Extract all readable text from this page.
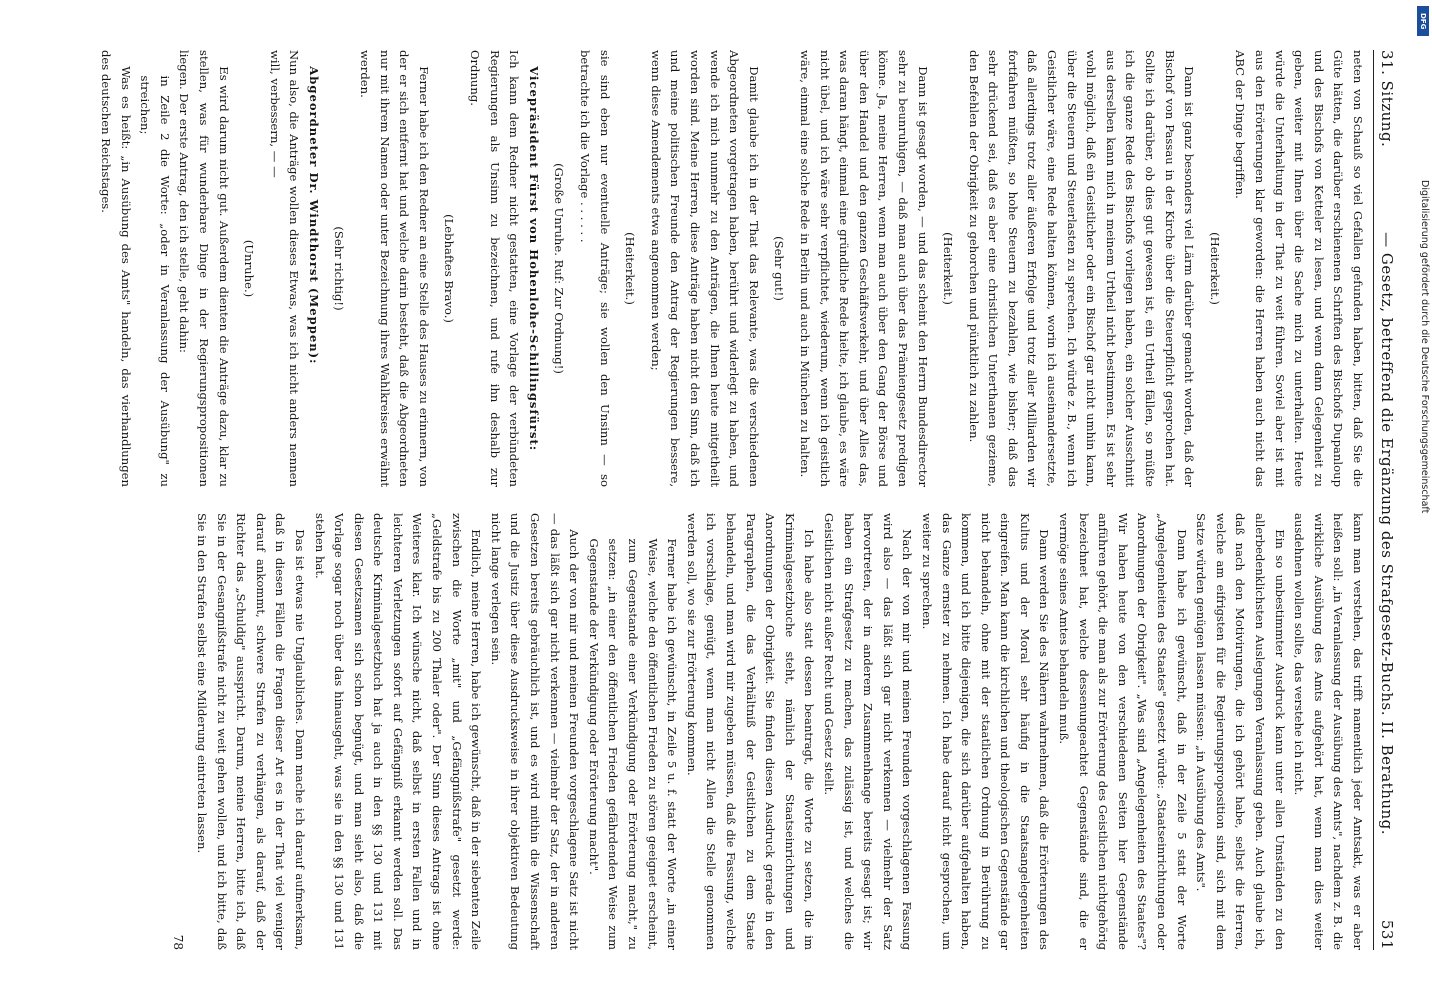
31. Sitzung.
— Gesetz, betreffend die Ergänzung des Strafgesetz-Buchs. II. Berathung.
531

neten von Schauß so viel Gefallen gefunden haben, bitten, daß Sie die Güte hätten, die darüber erschienenen Schriften des Bischofs Dupanloup und des Bischofs von Ketteler zu lesen, und wenn dann Gelegenheit zu geben, weiter mit Ihnen über die Sache mich zu unterhalten. Heute würde die Unterhaltung in der That zu weit führen. Soviel aber ist mit aus den Erörterungen klar geworden: die Herren haben auch nicht das ABC der Dinge begriffen.

(Heiterkeit.)

Dann ist ganz besonders viel Lärm darüber gemacht worden, daß der Bischof von Passau in der Kirche über die Steuerpflicht gesprochen hat. Sollte ich darüber, ob dies gut gewesen ist, ein Urtheil fällen, so müßte ich die ganze Rede des Bischofs vorliegen haben, ein solcher Ausschnitt aus derselben kann mich in meinem Urtheil nicht bestimmen. Es ist sehr wohl möglich, daß ein Geistlicher oder ein Bischof gar nicht umhin kann, über die Steuern und Steuerlasten zu sprechen. Ich würde z. B., wenn ich Geistlicher wäre, eine Rede halten können, worin ich auseinandersetzte, daß allerdings trotz aller äußeren Erfolge und trotz aller Milliarden wir fortfahren müßten, so hohe Steuern zu bezahlen, wie bisher; daß das sehr drückend sei, daß es aber eine christlichen Unterthanen gezieme, den Befehlen der Obrigkeit zu gehorchen und pünktlich zu zahlen.

(Heiterkeit.)

Dann ist gesagt worden, — und das scheint den Herrn Bundesdirector sehr zu beunruhigen, — daß man auch über das Prämiengesetz predigen könne. Ja, meine Herren, wenn man auch über den Gang der Börse und über den Handel und den ganzen Geschäftsverkehr, und über Alles das, was daran hängt, einmal eine gründliche Rede hielte, ich glaube, es wäre nicht übel, und ich wäre sehr verpflichtet, wiederum, wenn ich geistlich wäre, einmal eine solche Rede in Berlin und auch in München zu halten.

(Sehr gut!)

Damit glaube ich in der That das Relevante, was die verschiedenen Abgeordneten vorgetragen haben, berührt und widerlegt zu haben, und wende ich mich nunmehr zu den Anträgen, die Ihnen heute mitgetheilt worden sind. Meine Herren, diese Anträge haben nicht den Sinn, daß ich und meine politischen Freunde den Antrag der Regierungen bessere, wenn diese Amendements etwa angenommen werden;

(Heiterkeit.)

sie sind eben nur eventuelle Anträge; sie wollen den Unsinn — so betrachte ich die Vorlage . . . . . .

(Große Unruhe. Ruf: Zur Ordnung!)

Vicepräsident Fürst von Hohenlohe-Schillingsfürst:

Ich kann dem Redner nicht gestatten, eine Vorlage der verbündeten Regierungen als Unsinn zu bezeichnen, und rufe ihn deshalb zur Ordnung.

(Lebhaftes Bravo.)

Ferner habe ich den Redner an eine Stelle des Hauses zu erinnern, von der er sich entfernt hat und welche darin besteht, daß die Abgeordneten nur mit ihrem Namen oder unter Bezeichnung ihres Wahlkreises erwähnt werden.

(Sehr richtig!)

Abgeordneter Dr. Windthorst (Meppen):

Nun also, die Anträge wollen dieses Etwas, was ich nicht anders nennen will, verbessern, — —

(Unruhe.)

Es wird darum nicht gut. Außerdem dienten die Anträge dazu, klar zu stellen, was für wunderbare Dinge in der Regierungspropositionen liegen. Der erste Antrag, den ich stelle, geht dahin:

in Zeile 2 die Worte: „oder in Veranlassung der Ausübung" zu streichen;

Was es heißt: „in Ausübung des Amts" handeln, das vierhandlungen des deutschen Reichstages.

kann man verstehen, das trifft namentlich jeder Amtsakt, was er aber heißen soll: „in Veranlassung der Ausübung des Amts", nachdem z. B. die wirkliche Ausübung des Amts aufgehört hat, wenn man dies weiter ausdehnen wollen sollte, das verstehe ich nicht.

Ein so unbestimmter Ausdruck kann unter allen Umständen zu den allerbedenklichsten Auslegungen Veranlassung geben. Auch glaube ich, daß nach den Motivirungen, die ich gehört habe, selbst die Herren, welche am eifrigsten für die Regierungsproposition sind, sich mit dem Satze würden genügen lassen müssen: „in Ausübung des Amts".

Dann habe ich gewünscht, daß in der Zeile 5 statt der Worte „Angelegenheiten des Staates" gesetzt würde: „Staatseinrichtungen oder Anordnungen der Obrigkeit". „Was sind „Angelegenheiten des Staates"? Wir haben heute von den verschiedenen Seiten hier Gegenstände anführen gehört, die man als zur Erörterung des Geistlichen nichtgehörig bezeichnet hat, welche dessenungeachtet Gegenstände sind, die er vermöge seines Amtes behandeln muß.

Dann werden Sie des Nähern wahrnehmen, daß die Erörterungen des Kultus und der Moral sehr häufig in die Staatsangelegenheiten eingreifen. Man kann die kirchlichen und theologischen Gegenstände gar nicht behandeln, ohne mit der staatlichen Ordnung in Berührung zu kommen, und ich bitte diejenigen, die sich darüber aufgehalten haben, das Ganze ernster zu nehmen. Ich habe darauf nicht gesprochen, um weiter zu sprechen.

Nach der von mir und meinen Freunden vorgeschlagenen Fassung wird also — das läßt sich gar nicht verkennen — vielmehr der Satz hervortreten, der in anderem Zusammenhange bereits gesagt ist; wir haben ein Strafgesetz zu machen, das zulässig ist, und welches die Geistlichen nicht außer Recht und Gesetz stellt.

Ich habe also statt dessen beantragt, die Worte zu setzen, die im Kriminalgesetzbuche steht, nämlich der Staatseinrichtungen und Anordnungen der Obrigkeit. Sie finden diesen Ausdruck gerade in den Paragraphen, die das Verhältniß der Geistlichen zu dem Staate behandeln, und man wird mir zugeben müssen, daß die Fassung, welche ich vorschlage, genügt, wenn man nicht Allen die Stelle genommen werden soll, wo sie zur Erörterung kommen.

Ferner habe ich gewünscht, in Zeile 5 u. f. statt der Worte „in einer Weise, welche den öffentlichen Frieden zu stören geeignet erscheint, zum Gegenstande einer Verkündigung oder Erörterung macht," zu setzen: „in einer den öffentlichen Frieden gefährdenden Weise zum Gegenstande der Verkündigung oder Erörterung macht".

Auch der von mir und meinen Freunden vorgeschlagene Satz ist nicht — das läßt sich gar nicht verkennen — vielmehr der Satz, der in anderen Gesetzen bereits gebräuchlich ist, und es wird mithin die Wissenschaft und die Justiz über diese Ausdrucksweise in ihrer objektiven Bedeutung nicht lange verlegen sein.

Endlich, meine Herren, habe ich gewünscht, daß in der siebenten Zeile zwischen die Worte „mit" und „Gefängnißstrafe" gesetzt werde: „Geldstrafe bis zu 200 Thaler oder". Der Sinn dieses Antrags ist ohne Weiteres klar. Ich wünsche nicht, daß selbst in ersten Fallen und in leichteren Verletzungen sofort auf Gefängniß erkannt werden soll. Das deutsche Kriminalgesetzbuch hat ja auch in den §§ 130 und 131 mit diesen Gesetzsamen sich schon begnügt, und man sieht also, daß die Vorlage sogar noch über das hinausgeht, was sie in den §§ 130 und 131 stehen hat.

Das ist etwas nie Unglaubliches. Dann mache ich darauf aufmerksam, daß in diesen Fällen die Fragen dieser Art es in der That viel weniger darauf ankommt, schwere Strafen zu verhängen, als darauf, daß der Richter das „Schuldig" ausspricht. Darum, meine Herren, bitte ich, daß Sie in der Gesangnißstrafe nicht zu weit gehen wollen, und ich bitte, daß Sie in den Strafen selbst eine Milderung eintreten lassen.

78
DFG
Digitalisierung gefördert durch die Deutsche Forschungsgemeinschaft
